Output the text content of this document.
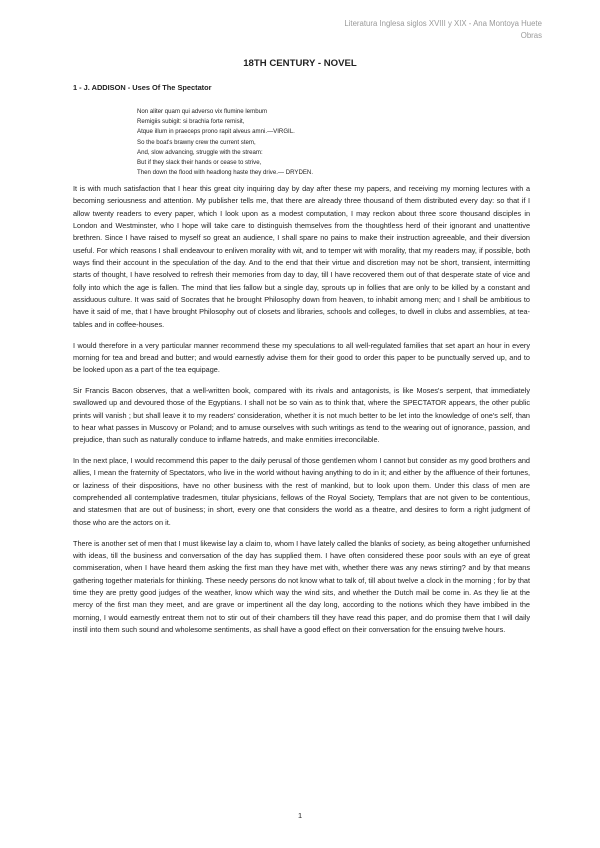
Literatura Inglesa siglos XVIII y XIX - Ana Montoya Huete
Obras
18TH CENTURY - NOVEL
1 - J. ADDISON - Uses Of The Spectator
Non aliter quam qui adverso vix flumine lembum
Remigiis subigit: si brachia forte remisit,
Atque illum in praeceps prono rapit alveus amni.—VIRGIL.
So the boat's brawny crew the current stem,
And, slow advancing, struggle with the stream:
But if they slack their hands or cease to strive,
Then down the flood with headlong haste they drive.— DRYDEN.

It is with much satisfaction that I hear this great city inquiring day by day after these my papers, and receiving my morning lectures with a becoming seriousness and attention. My publisher tells me, that there are already three thousand of them distributed every day: so that if I allow twenty readers to every paper, which I look upon as a modest computation, I may reckon about three score thousand disciples in London and Westminster, who I hope will take care to distinguish themselves from the thoughtless herd of their ignorant and unattentive brethren. Since I have raised to myself so great an audience, I shall spare no pains to make their instruction agreeable, and their diversion useful. For which reasons I shall endeavour to enliven morality with wit, and to temper wit with morality, that my readers may, if possible, both ways find their account in the speculation of the day. And to the end that their virtue and discretion may not be short, transient, intermitting starts of thought, I have resolved to refresh their memories from day to day, till I have recovered them out of that desperate state of vice and folly into which the age is fallen. The mind that lies fallow but a single day, sprouts up in follies that are only to be killed by a constant and assiduous culture. It was said of Socrates that he brought Philosophy down from heaven, to inhabit among men; and I shall be ambitious to have it said of me, that I have brought Philosophy out of closets and libraries, schools and colleges, to dwell in clubs and assemblies, at tea-tables and in coffee-houses.

I would therefore in a very particular manner recommend these my speculations to all well-regulated families that set apart an hour in every morning for tea and bread and butter; and would earnestly advise them for their good to order this paper to be punctually served up, and to be looked upon as a part of the tea equipage.

Sir Francis Bacon observes, that a well-written book, compared with its rivals and antagonists, is like Moses's serpent, that immediately swallowed up and devoured those of the Egyptians. I shall not be so vain as to think that, where the SPECTATOR appears, the other public prints will vanish ; but shall leave it to my readers' consideration, whether it is not much better to be let into the knowledge of one's self, than to hear what passes in Muscovy or Poland; and to amuse ourselves with such writings as tend to the wearing out of ignorance, passion, and prejudice, than such as naturally conduce to inflame hatreds, and make enmities irreconcilable.

In the next place, I would recommend this paper to the daily perusal of those gentlemen whom I cannot but consider as my good brothers and allies, I mean the fraternity of Spectators, who live in the world without having anything to do in it; and either by the affluence of their fortunes, or laziness of their dispositions, have no other business with the rest of mankind, but to look upon them. Under this class of men are comprehended all contemplative tradesmen, titular physicians, fellows of the Royal Society, Templars that are not given to be contentious, and statesmen that are out of business; in short, every one that considers the world as a theatre, and desires to form a right judgment of those who are the actors on it.

There is another set of men that I must likewise lay a claim to, whom I have lately called the blanks of society, as being altogether unfurnished with ideas, till the business and conversation of the day has supplied them. I have often considered these poor souls with an eye of great commiseration, when I have heard them asking the first man they have met with, whether there was any news stirring? and by that means gathering together materials for thinking. These needy persons do not know what to talk of, till about twelve a clock in the morning ; for by that time they are pretty good judges of the weather, know which way the wind sits, and whether the Dutch mail be come in. As they lie at the mercy of the first man they meet, and are grave or impertinent all the day long, according to the notions which they have imbibed in the morning, I would earnestly entreat them not to stir out of their chambers till they have read this paper, and do promise them that I will daily instil into them such sound and wholesome sentiments, as shall have a good effect on their conversation for the ensuing twelve hours.

1
